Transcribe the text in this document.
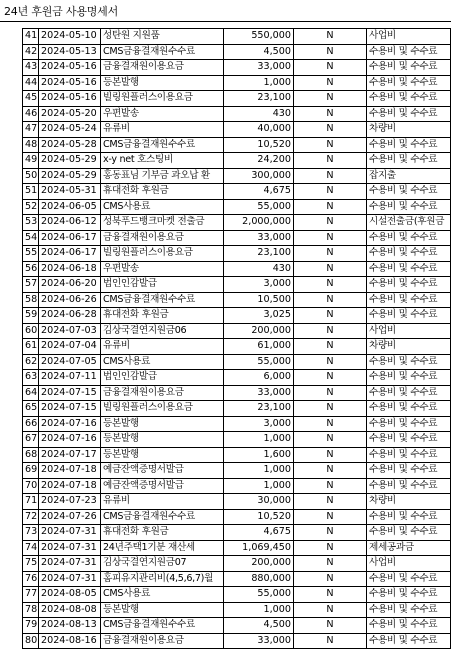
24년 후원금 사용명세서
41	2024-05-10	성탄원 지원품	550,000	N	사업비
42	2024-05-13	CMS금융결재원수수료	4,500	N	수용비 및 수수료
43	2024-05-16	금융결재원이용요금	33,000	N	수용비 및 수수료
44	2024-05-16	등본발행	1,000	N	수용비 및 수수료
45	2024-05-16	빌링원플러스이용요금	23,100	N	수용비 및 수수료
46	2024-05-20	우편발송	430	N	수용비 및 수수료
47	2024-05-24	유류비	40,000	N	차량비
48	2024-05-28	CMS금융결재원수수료	10,520	N	수용비 및 수수료
49	2024-05-29	x-y net 호스팅비	24,200	N	수용비 및 수수료
50	2024-05-29	홍동표님 기부금 과오납 환	300,000	N	잡지출
51	2024-05-31	휴대전화 후원금	4,675	N	수용비 및 수수료
52	2024-06-05	CMS사용료	55,000	N	수용비 및 수수료
53	2024-06-12	성북푸드뱅크마켓 전출금	2,000,000	N	시설전출금(후원금
54	2024-06-17	금융결재원이용요금	33,000	N	수용비 및 수수료
55	2024-06-17	빌링원플러스이용요금	23,100	N	수용비 및 수수료
56	2024-06-18	우편발송	430	N	수용비 및 수수료
57	2024-06-20	법인인감발급	3,000	N	수용비 및 수수료
58	2024-06-26	CMS금융결재원수수료	10,500	N	수용비 및 수수료
59	2024-06-28	휴대전화 후원금	3,025	N	수용비 및 수수료
60	2024-07-03	김상국결연지원금06	200,000	N	사업비
61	2024-07-04	유류비	61,000	N	차량비
62	2024-07-05	CMS사용료	55,000	N	수용비 및 수수료
63	2024-07-11	법인인감발급	6,000	N	수용비 및 수수료
64	2024-07-15	금융결재원이용요금	33,000	N	수용비 및 수수료
65	2024-07-15	빌링원플러스이용요금	23,100	N	수용비 및 수수료
66	2024-07-16	등본발행	3,000	N	수용비 및 수수료
67	2024-07-16	등본발행	1,000	N	수용비 및 수수료
68	2024-07-17	등본발행	1,600	N	수용비 및 수수료
69	2024-07-18	예금잔액증명서발급	1,000	N	수용비 및 수수료
70	2024-07-18	예금잔액증명서발급	1,000	N	수용비 및 수수료
71	2024-07-23	유류비	30,000	N	차량비
72	2024-07-26	CMS금융결재원수수료	10,520	N	수용비 및 수수료
73	2024-07-31	휴대전화 후원금	4,675	N	수용비 및 수수료
74	2024-07-31	24년주택1기분 재산세	1,069,450	N	제세공과금
75	2024-07-31	김상국결연지원금07	200,000	N	사업비
76	2024-07-31	홈피유지관리비(4,5,6,7)월	880,000	N	수용비 및 수수료
77	2024-08-05	CMS사용료	55,000	N	수용비 및 수수료
78	2024-08-08	등본발행	1,000	N	수용비 및 수수료
79	2024-08-13	CMS금융결재원수수료	4,500	N	수용비 및 수수료
80	2024-08-16	금융결재원이용요금	33,000	N	수용비 및 수수료
